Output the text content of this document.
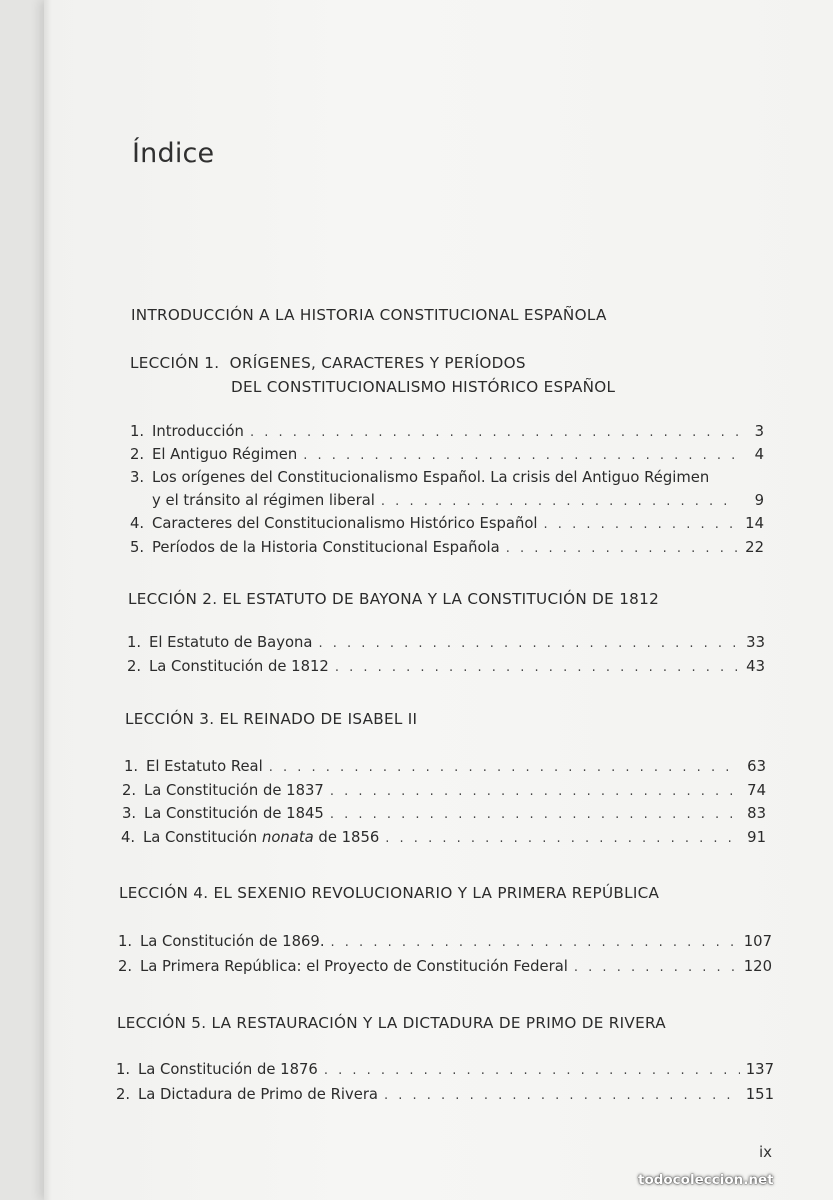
Índice
INTRODUCCIÓN A LA HISTORIA CONSTITUCIONAL ESPAÑOLA
LECCIÓN 1. ORÍGENES, CARACTERES Y PERÍODOS
DEL CONSTITUCIONALISMO HISTÓRICO ESPAÑOL
1. Introducción . . .	3
2. El Antiguo Régimen . . .	4
3. Los orígenes del Constitucionalismo Español. La crisis del Antiguo Régimen
y el tránsito al régimen liberal . . .	9
4. Caracteres del Constitucionalismo Histórico Español . . .	14
5. Períodos de la Historia Constitucional Española . . .	22
LECCIÓN 2. EL ESTATUTO DE BAYONA Y LA CONSTITUCIÓN DE 1812
1. El Estatuto de Bayona . . .	33
2. La Constitución de 1812 . . .	43
LECCIÓN 3. EL REINADO DE ISABEL II
1. El Estatuto Real . . .	63
2. La Constitución de 1837 . . .	74
3. La Constitución de 1845 . . .	83
4. La Constitución nonata de 1856 . . .	91
LECCIÓN 4. EL SEXENIO REVOLUCIONARIO Y LA PRIMERA REPÚBLICA
1. La Constitución de 1869. . . .	107
2. La Primera República: el Proyecto de Constitución Federal . . .	120
LECCIÓN 5. LA RESTAURACIÓN Y LA DICTADURA DE PRIMO DE RIVERA
1. La Constitución de 1876 . . .	137
2. La Dictadura de Primo de Rivera . . .	151
ix
todocoleccion.net
